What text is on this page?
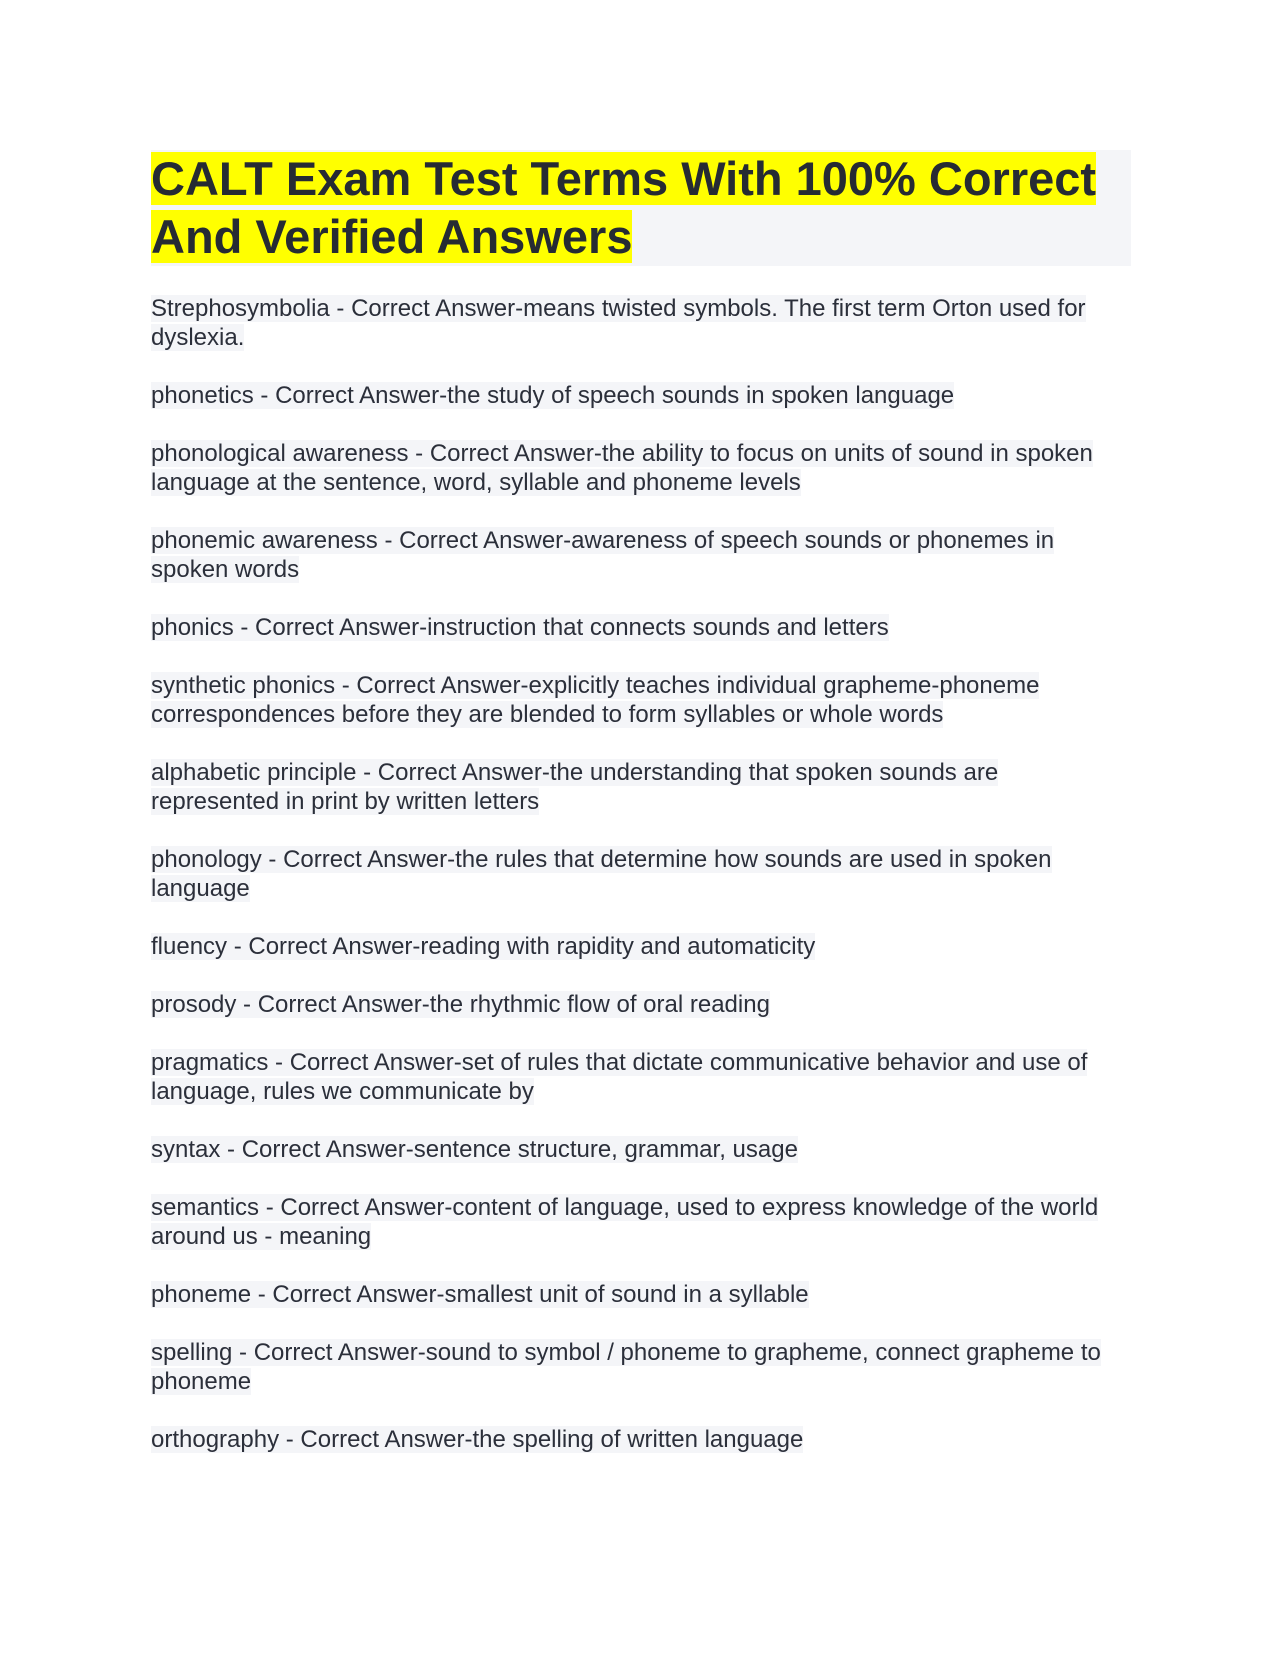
CALT Exam Test Terms With 100% Correct And Verified Answers

Strephosymbolia - Correct Answer-means twisted symbols. The first term Orton used for dyslexia.

phonetics - Correct Answer-the study of speech sounds in spoken language

phonological awareness - Correct Answer-the ability to focus on units of sound in spoken language at the sentence, word, syllable and phoneme levels

phonemic awareness - Correct Answer-awareness of speech sounds or phonemes in spoken words

phonics - Correct Answer-instruction that connects sounds and letters

synthetic phonics - Correct Answer-explicitly teaches individual grapheme-phoneme correspondences before they are blended to form syllables or whole words

alphabetic principle - Correct Answer-the understanding that spoken sounds are represented in print by written letters

phonology - Correct Answer-the rules that determine how sounds are used in spoken language

fluency - Correct Answer-reading with rapidity and automaticity

prosody - Correct Answer-the rhythmic flow of oral reading

pragmatics - Correct Answer-set of rules that dictate communicative behavior and use of language, rules we communicate by

syntax - Correct Answer-sentence structure, grammar, usage

semantics - Correct Answer-content of language, used to express knowledge of the world around us - meaning

phoneme - Correct Answer-smallest unit of sound in a syllable

spelling - Correct Answer-sound to symbol / phoneme to grapheme, connect grapheme to phoneme

orthography - Correct Answer-the spelling of written language
